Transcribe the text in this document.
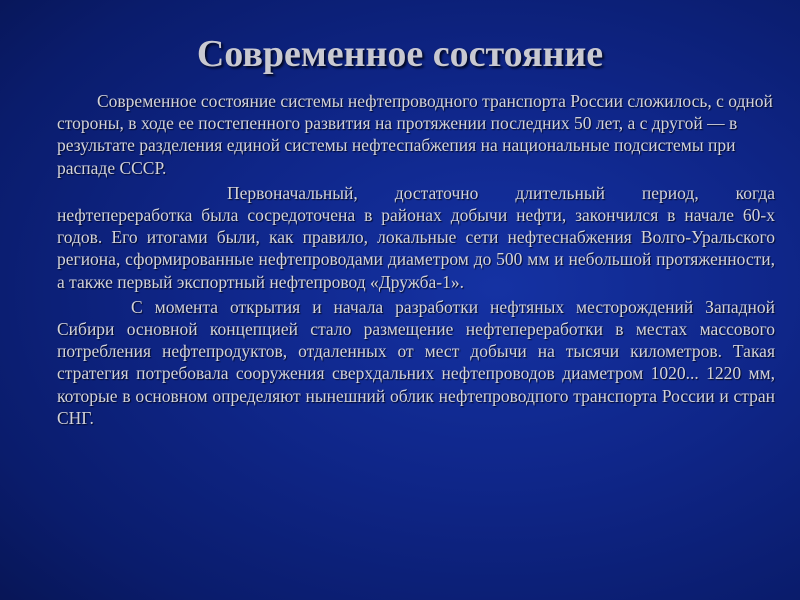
Современное состояние

Современное состояние системы нефтепроводного транспорта России сложилось, с одной стороны, в ходе ее постепенного развития на протяжении последних 50 лет, а с другой — в результате разделения единой системы нефтеспабжепия на национальные подсистемы при распаде СССР.

Первоначальный, достаточно длительный период, когда нефтепереработка была сосредоточена в районах добычи нефти, закончился в начале 60-х годов. Его итогами были, как правило, локальные сети нефтеснабжения Волго-Уральского региона, сформированные нефтепроводами диаметром до 500 мм и небольшой протяженности, а также первый экспортный нефтепровод «Дружба-1».

С момента открытия и начала разработки нефтяных месторождений Западной Сибири основной концепцией стало размещение нефтепереработки в местах массового потребления нефтепродуктов, отдаленных от мест добычи на тысячи километров. Такая стратегия потребовала сооружения сверхдальних нефтепроводов диаметром 1020... 1220 мм, которые в основном определяют нынешний облик нефтепроводпого транспорта России и стран СНГ.
